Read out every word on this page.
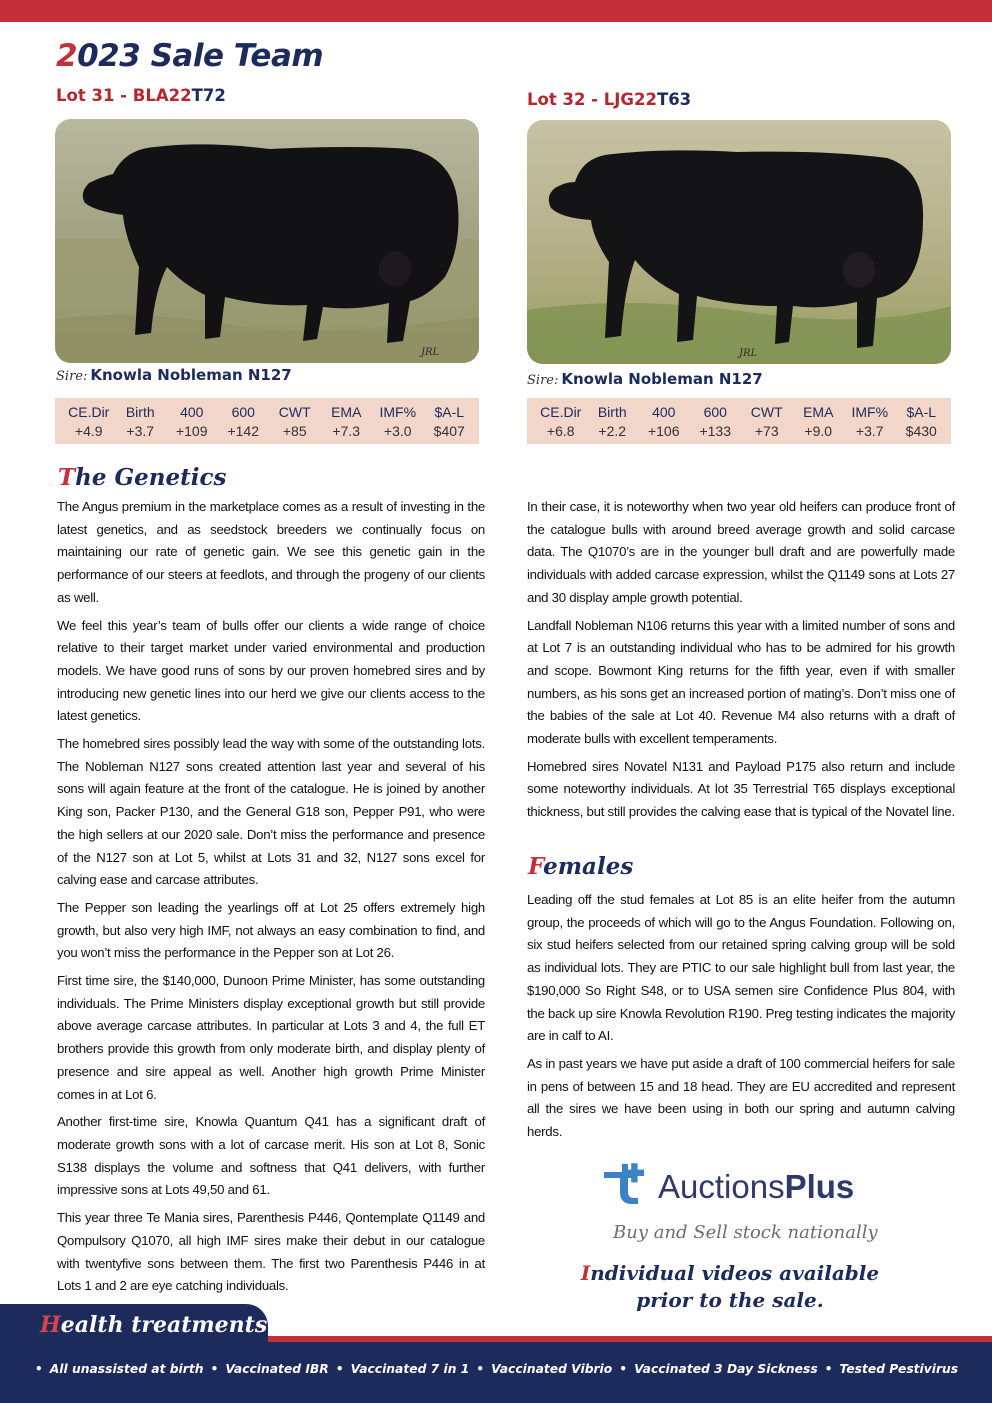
2023 Sale Team
Lot 31 - BLA22T72
JRL
Sire: Knowla Nobleman N127
CE.Dir
+4.9
Birth
+3.7
400
+109
600
+142
CWT
+85
EMA
+7.3
IMF%
+3.0
$A-L
$407
Lot 32 - LJG22T63
JRL
Sire: Knowla Nobleman N127
CE.Dir
+6.8
Birth
+2.2
400
+106
600
+133
CWT
+73
EMA
+9.0
IMF%
+3.7
$A-L
$430
The Genetics

The Angus premium in the marketplace comes as a result of investing in the latest genetics, and as seedstock breeders we continually focus on maintaining our rate of genetic gain. We see this genetic gain in the performance of our steers at feedlots, and through the progeny of our clients as well.

We feel this year’s team of bulls offer our clients a wide range of choice relative to their target market under varied environmental and production models. We have good runs of sons by our proven homebred sires and by introducing new genetic lines into our herd we give our clients access to the latest genetics.

The homebred sires possibly lead the way with some of the outstanding lots. The Nobleman N127 sons created attention last year and several of his sons will again feature at the front of the catalogue. He is joined by another King son, Packer P130, and the General G18 son, Pepper P91, who were the high sellers at our 2020 sale. Don’t miss the performance and presence of the N127 son at Lot 5, whilst at Lots 31 and 32, N127 sons excel for calving ease and carcase attributes.

The Pepper son leading the yearlings off at Lot 25 offers extremely high growth, but also very high IMF, not always an easy combination to find, and you won’t miss the performance in the Pepper son at Lot 26.

First time sire, the $140,000, Dunoon Prime Minister, has some outstanding individuals. The Prime Ministers display exceptional growth but still provide above average carcase attributes. In particular at Lots 3 and 4, the full ET brothers provide this growth from only moderate birth, and display plenty of presence and sire appeal as well. Another high growth Prime Minister comes in at Lot 6.

Another first-time sire, Knowla Quantum Q41 has a significant draft of moderate growth sons with a lot of carcase merit. His son at Lot 8, Sonic S138 displays the volume and softness that Q41 delivers, with further impressive sons at Lots 49,50 and 61.

This year three Te Mania sires, Parenthesis P446, Qontemplate Q1149 and Qompulsory Q1070, all high IMF sires make their debut in our catalogue with twentyfive sons between them. The first two Parenthesis P446 in at Lots 1 and 2 are eye catching individuals.

In their case, it is noteworthy when two year old heifers can produce front of the catalogue bulls with around breed average growth and solid carcase data. The Q1070’s are in the younger bull draft and are powerfully made individuals with added carcase expression, whilst the Q1149 sons at Lots 27 and 30 display ample growth potential.

Landfall Nobleman N106 returns this year with a limited number of sons and at Lot 7 is an outstanding individual who has to be admired for his growth and scope. Bowmont King returns for the fifth year, even if with smaller numbers, as his sons get an increased portion of mating’s. Don’t miss one of the babies of the sale at Lot 40. Revenue M4 also returns with a draft of moderate bulls with excellent temperaments.

Homebred sires Novatel N131 and Payload P175 also return and include some noteworthy individuals. At lot 35 Terrestrial T65 displays exceptional thickness, but still provides the calving ease that is typical of the Novatel line.

Females

Leading off the stud females at Lot 85 is an elite heifer from the autumn group, the proceeds of which will go to the Angus Foundation. Following on, six stud heifers selected from our retained spring calving group will be sold as individual lots. They are PTIC to our sale highlight bull from last year, the $190,000 So Right S48, or to USA semen sire Confidence Plus 804, with the back up sire Knowla Revolution R190. Preg testing indicates the majority are in calf to AI.

As in past years we have put aside a draft of 100 commercial heifers for sale in pens of between 15 and 18 head. They are EU accredited and represent all the sires we have been using in both our spring and autumn calving herds.

AuctionsPlus
Buy and Sell stock nationally
Individual videos available
prior to the sale.
Health treatments
• All unassisted at birth • Vaccinated IBR • Vaccinated 7 in 1 • Vaccinated Vibrio • Vaccinated 3 Day Sickness • Tested Pestivirus
